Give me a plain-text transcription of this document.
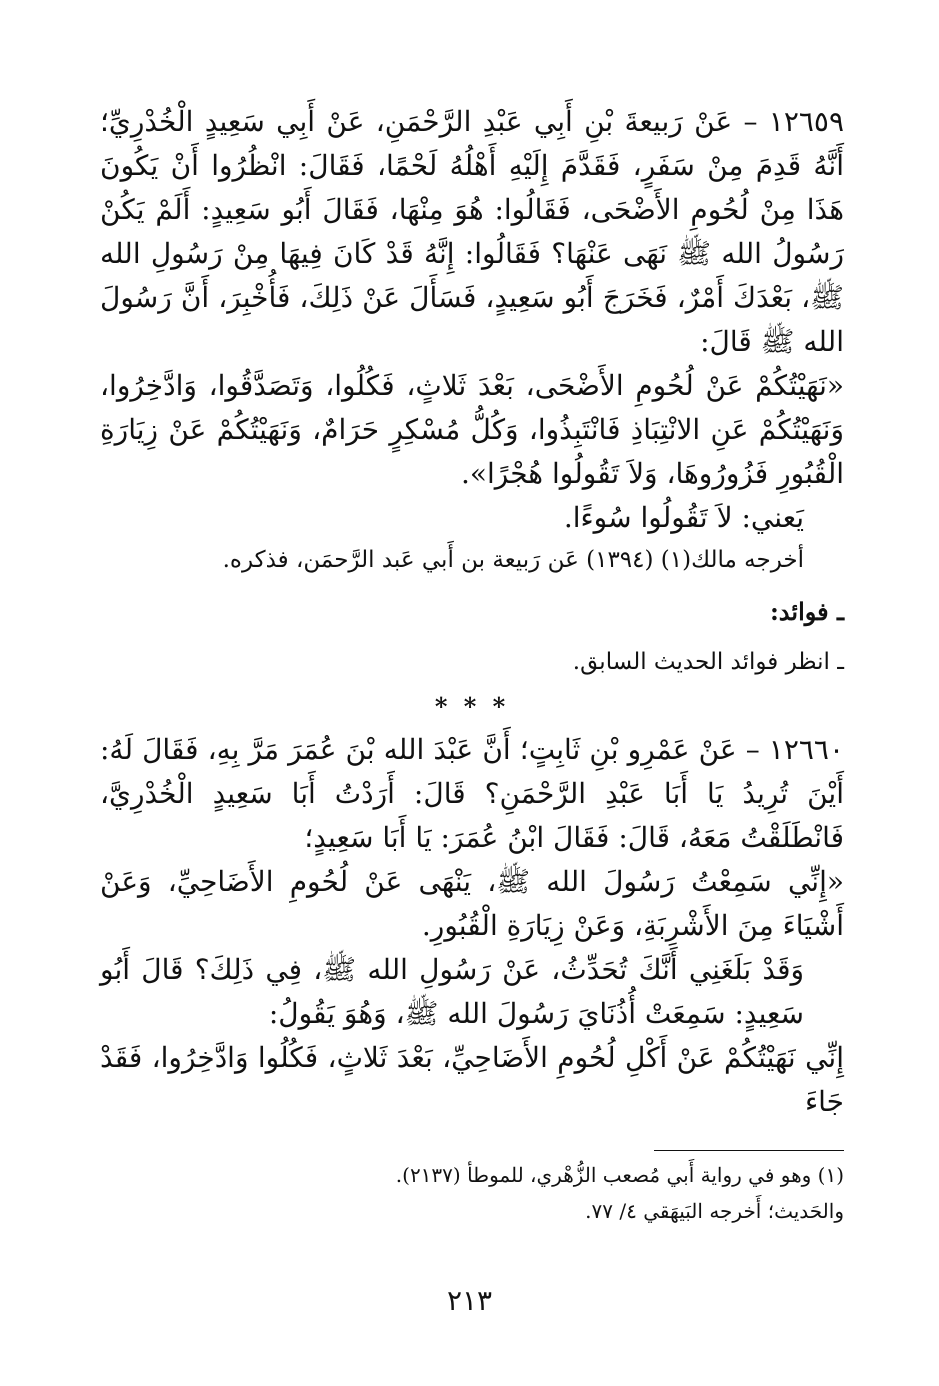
١٢٦٥٩ – عَنْ رَبيعةَ بْنِ أَبِي عَبْدِ الرَّحْمَنِ، عَنْ أَبِي سَعِيدٍ الْخُدْرِيِّ؛ أَنَّهُ قَدِمَ مِنْ سَفَرٍ، فَقَدَّمَ إِلَيْهِ أَهْلُهُ لَحْمًا، فَقَالَ: انْظُرُوا أَنْ يَكُونَ هَذَا مِنْ لُحُومِ الأَضْحَى، فَقَالُوا: هُوَ مِنْهَا، فَقَالَ أَبُو سَعِيدٍ: أَلَمْ يَكُنْ رَسُولُ الله ﷺ نَهَى عَنْهَا؟ فَقَالُوا: إِنَّهُ قَدْ كَانَ فِيهَا مِنْ رَسُولِ الله ﷺ، بَعْدَكَ أَمْرٌ، فَخَرَجَ أَبُو سَعِيدٍ، فَسَأَلَ عَنْ ذَلِكَ، فَأُخْبِرَ، أَنَّ رَسُولَ الله ﷺ قَالَ:

«نَهَيْتُكُمْ عَنْ لُحُومِ الأَضْحَى، بَعْدَ ثَلاثٍ، فَكُلُوا، وَتَصَدَّقُوا، وَادَّخِرُوا، وَنَهَيْتُكُمْ عَنِ الانْتِبَاذِ فَانْتَبِذُوا، وَكُلُّ مُسْكِرٍ حَرَامٌ، وَنَهَيْتُكُمْ عَنْ زِيَارَةِ الْقُبُورِ فَزُورُوهَا، وَلاَ تَقُولُوا هُجْرًا».

يَعني: لاَ تَقُولُوا سُوءًا.

أخرجه مالك(١) (١٣٩٤) عَن رَبيعة بن أَبي عَبد الرَّحمَن، فذكره.

ـ فوائد:

ـ انظر فوائد الحديث السابق.

* * *

١٢٦٦٠ – عَنْ عَمْرِو بْنِ ثَابِتٍ؛ أَنَّ عَبْدَ الله بْنَ عُمَرَ مَرَّ بِهِ، فَقَالَ لَهُ: أَيْنَ تُرِيدُ يَا أَبَا عَبْدِ الرَّحْمَنِ؟ قَالَ: أَرَدْتُ أَبَا سَعِيدٍ الْخُدْرِيَّ، فَانْطَلَقْتُ مَعَهُ، قَالَ: فَقَالَ ابْنُ عُمَرَ: يَا أَبَا سَعِيدٍ؛

«إِنِّي سَمِعْتُ رَسُولَ الله ﷺ، يَنْهَى عَنْ لُحُومِ الأَضَاحِيِّ، وَعَنْ أَشْيَاءَ مِنَ الأَشْرِبَةِ، وَعَنْ زِيَارَةِ الْقُبُورِ.

وَقَدْ بَلَغَنِي أَنَّكَ تُحَدِّثُ، عَنْ رَسُولِ الله ﷺ، فِي ذَلِكَ؟ قَالَ أَبُو سَعِيدٍ: سَمِعَتْ أُذُنَايَ رَسُولَ الله ﷺ، وَهُوَ يَقُولُ:

إِنِّي نَهَيْتُكُمْ عَنْ أَكْلِ لُحُومِ الأَضَاحِيِّ، بَعْدَ ثَلاثٍ، فَكُلُوا وَادَّخِرُوا، فَقَدْ جَاءَ

(١) وهو في رواية أَبي مُصعب الزُّهْري، للموطأ (٢١٣٧).

والحَديث؛ أَخرجه البَيهَقي ٤/ ٧٧.

٢١٣
